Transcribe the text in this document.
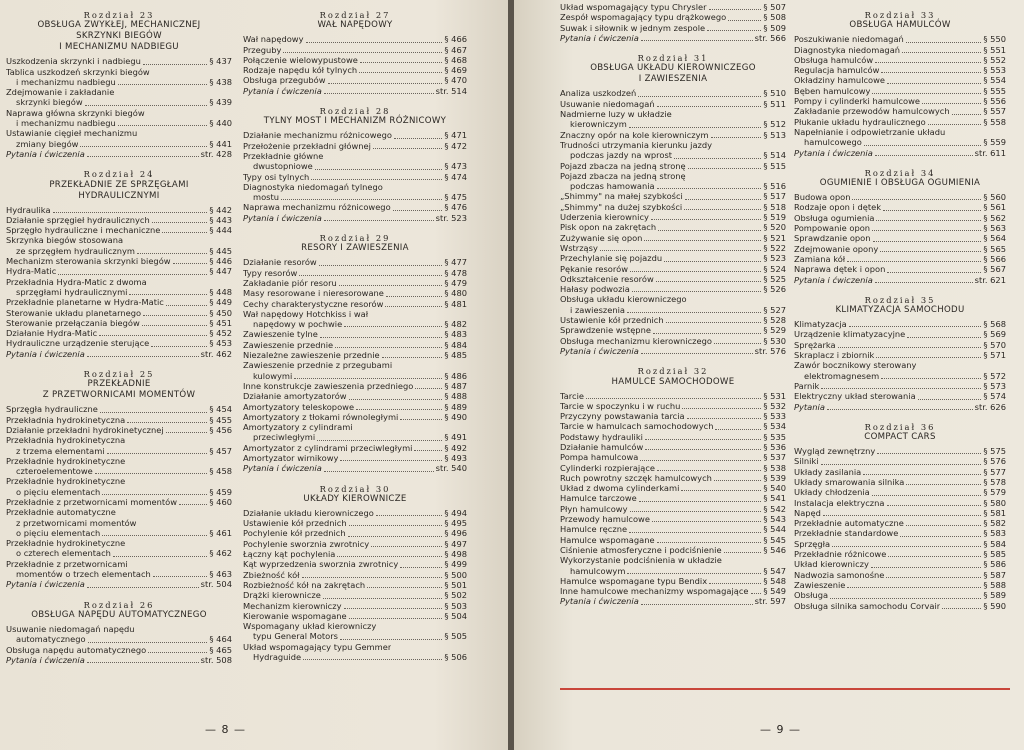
Rozdział 23
OBSŁUGA ZWYKŁEJ, MECHANICZNEJ
SKRZYNKI BIEGÓW
I MECHANIZMU NADBIEGU
Uszkodzenia skrzynki i nadbiegu	§ 437
Tablica uszkodzeń skrzynki biegów
i mechanizmu nadbiegu	§ 438
Zdejmowanie i zakładanie
skrzynki biegów	§ 439
Naprawa główna skrzynki biegów
i mechanizmu nadbiegu	§ 440
Ustawianie cięgieł mechanizmu
zmiany biegów	§ 441
Pytania i ćwiczenia	str. 428
Rozdział 24
PRZEKŁADNIE ZE SPRZĘGŁAMI
HYDRAULICZNYMI
Hydraulika	§ 442
Działanie sprzęgieł hydraulicznych	§ 443
Sprzęgło hydrauliczne i mechaniczne	§ 444
Skrzynka biegów stosowana
ze sprzęgłem hydraulicznym	§ 445
Mechanizm sterowania skrzynki biegów	§ 446
Hydra-Matic	§ 447
Przekładnia Hydra-Matic z dwoma
sprzęgłami hydraulicznymi	§ 448
Przekładnie planetarne w Hydra-Matic	§ 449
Sterowanie układu planetarnego	§ 450
Sterowanie przełączania biegów	§ 451
Działanie Hydra-Matic	§ 452
Hydrauliczne urządzenie sterujące	§ 453
Pytania i ćwiczenia	str. 462
Rozdział 25
PRZEKŁADNIE
Z PRZETWORNICAMI MOMENTÓW
Sprzęgła hydrauliczne	§ 454
Przekładnia hydrokinetyczna	§ 455
Działanie przekładni hydrokinetycznej	§ 456
Przekładnia hydrokinetyczna
z trzema elementami	§ 457
Przekładnie hydrokinetyczne
czteroelementowe	§ 458
Przekładnie hydrokinetyczne
o pięciu elementach	§ 459
Przekładnie z przetwornicami momentów	§ 460
Przekładnie automatyczne
z przetwornicami momentów
o pięciu elementach	§ 461
Przekładnie hydrokinetyczne
o czterech elementach	§ 462
Przekładnie z przetwornicami
momentów o trzech elementach	§ 463
Pytania i ćwiczenia	str. 504
Rozdział 26
OBSŁUGA NAPĘDU AUTOMATYCZNEGO
Usuwanie niedomagań napędu
automatycznego	§ 464
Obsługa napędu automatycznego	§ 465
Pytania i ćwiczenia	str. 508
Rozdział 27
WAŁ NAPĘDOWY
Wał napędowy	§ 466
Przeguby	§ 467
Połączenie wielowypustowe	§ 468
Rodzaje napędu kół tylnych	§ 469
Obsługa przegubów	§ 470
Pytania i ćwiczenia	str. 514
Rozdział 28
TYLNY MOST I MECHANIZM RÓŻNICOWY
Działanie mechanizmu różnicowego	§ 471
Przełożenie przekładni głównej	§ 472
Przekładnie główne
dwustopniowe	§ 473
Typy osi tylnych	§ 474
Diagnostyka niedomagań tylnego
mostu	§ 475
Naprawa mechanizmu różnicowego	§ 476
Pytania i ćwiczenia	str. 523
Rozdział 29
RESORY I ZAWIESZENIA
Działanie resorów	§ 477
Typy resorów	§ 478
Zakładanie piór resoru	§ 479
Masy resorowane i nieresorowane	§ 480
Cechy charakterystyczne resorów	§ 481
Wał napędowy Hotchkiss i wał
napędowy w pochwie	§ 482
Zawieszenie tylne	§ 483
Zawieszenie przednie	§ 484
Niezależne zawieszenie przednie	§ 485
Zawieszenie przednie z przegubami
kulowymi	§ 486
Inne konstrukcje zawieszenia przedniego	§ 487
Działanie amortyzatorów	§ 488
Amortyzatory teleskopowe	§ 489
Amortyzatory z tłokami równoległymi	§ 490
Amortyzatory z cylindrami
przeciwległymi	§ 491
Amortyzator z cylindrami przeciwległymi	§ 492
Amortyzator wirnikowy	§ 493
Pytania i ćwiczenia	str. 540
Rozdział 30
UKŁADY KIEROWNICZE
Działanie układu kierowniczego	§ 494
Ustawienie kół przednich	§ 495
Pochylenie kół przednich	§ 496
Pochylenie sworznia zwrotnicy	§ 497
Łączny kąt pochylenia	§ 498
Kąt wyprzedzenia sworznia zwrotnicy	§ 499
Zbieżność kół	§ 500
Rozbieżność kół na zakrętach	§ 501
Drążki kierownicze	§ 502
Mechanizm kierowniczy	§ 503
Kierowanie wspomagane	§ 504
Wspomagany układ kierowniczy
typu General Motors	§ 505
Układ wspomagający typu Gemmer
Hydraguide	§ 506
Układ wspomagający typu Chrysler	§ 507
Zespół wspomagający typu drążkowego	§ 508
Suwak i siłownik w jednym zespole	§ 509
Pytania i ćwiczenia	str. 566
Rozdział 31
OBSŁUGA UKŁADU KIEROWNICZEGO
I ZAWIESZENIA
Analiza uszkodzeń	§ 510
Usuwanie niedomagań	§ 511
Nadmierne luzy w układzie
kierowniczym	§ 512
Znaczny opór na kole kierowniczym	§ 513
Trudności utrzymania kierunku jazdy
podczas jazdy na wprost	§ 514
Pojazd zbacza na jedną stronę	§ 515
Pojazd zbacza na jedną stronę
podczas hamowania	§ 516
„Shimmy" na małej szybkości	§ 517
„Shimmy" na dużej szybkości	§ 518
Uderzenia kierownicy	§ 519
Pisk opon na zakrętach	§ 520
Zużywanie się opon	§ 521
Wstrząsy	§ 522
Przechylanie się pojazdu	§ 523
Pękanie resorów	§ 524
Odkształcenie resorów	§ 525
Hałasy podwozia	§ 526
Obsługa układu kierowniczego
i zawieszenia	§ 527
Ustawienie kół przednich	§ 528
Sprawdzenie wstępne	§ 529
Obsługa mechanizmu kierowniczego	§ 530
Pytania i ćwiczenia	str. 576
Rozdział 32
HAMULCE SAMOCHODOWE
Tarcie	§ 531
Tarcie w spoczynku i w ruchu	§ 532
Przyczyny powstawania tarcia	§ 533
Tarcie w hamulcach samochodowych	§ 534
Podstawy hydrauliki	§ 535
Działanie hamulców	§ 536
Pompa hamulcowa	§ 537
Cylinderki rozpierające	§ 538
Ruch powrotny szczęk hamulcowych	§ 539
Układ z dwoma cylinderkami	§ 540
Hamulce tarczowe	§ 541
Płyn hamulcowy	§ 542
Przewody hamulcowe	§ 543
Hamulce ręczne	§ 544
Hamulce wspomagane	§ 545
Ciśnienie atmosferyczne i podciśnienie	§ 546
Wykorzystanie podciśnienia w układzie
hamulcowym	§ 547
Hamulce wspomagane typu Bendix	§ 548
Inne hamulcowe mechanizmy wspomagające § 549
Pytania i ćwiczenia	str. 597
Rozdział 33
OBSŁUGA HAMULCÓW
Poszukiwanie niedomagań	§ 550
Diagnostyka niedomagań	§ 551
Obsługa hamulców	§ 552
Regulacja hamulców	§ 553
Okładziny hamulcowe	§ 554
Bęben hamulcowy	§ 555
Pompy i cylinderki hamulcowe	§ 556
Zakładanie przewodów hamulcowych	§ 557
Płukanie układu hydraulicznego	§ 558
Napełnianie i odpowietrzanie układu
hamulcowego	§ 559
Pytania i ćwiczenia	str. 611
Rozdział 34
OGUMIENIE I OBSŁUGA OGUMIENIA
Budowa opon	§ 560
Rodzaje opon i dętek	§ 561
Obsługa ogumienia	§ 562
Pompowanie opon	§ 563
Sprawdzanie opon	§ 564
Zdejmowanie opony	§ 565
Zamiana kół	§ 566
Naprawa dętek i opon	§ 567
Pytania i ćwiczenia	str. 621
Rozdział 35
KLIMATYZACJA SAMOCHODU
Klimatyzacja	§ 568
Urządzenie klimatyzacyjne	§ 569
Sprężarka	§ 570
Skraplacz i zbiornik	§ 571
Zawór bocznikowy sterowany
elektromagnesem	§ 572
Parnik	§ 573
Elektryczny układ sterowania	§ 574
Pytania	str. 626
Rozdział 36
COMPACT CARS
Wygląd zewnętrzny	§ 575
Silniki	§ 576
Układy zasilania	§ 577
Układy smarowania silnika	§ 578
Układy chłodzenia	§ 579
Instalacja elektryczna	§ 580
Napęd	§ 581
Przekładnie automatyczne	§ 582
Przekładnie standardowe	§ 583
Sprzęgła	§ 584
Przekładnie różnicowe	§ 585
Układ kierowniczy	§ 586
Nadwozia samonośne	§ 587
Zawieszenie	§ 588
Obsługa	§ 589
Obsługa silnika samochodu Corvair	§ 590
— 8 —	— 9 —
